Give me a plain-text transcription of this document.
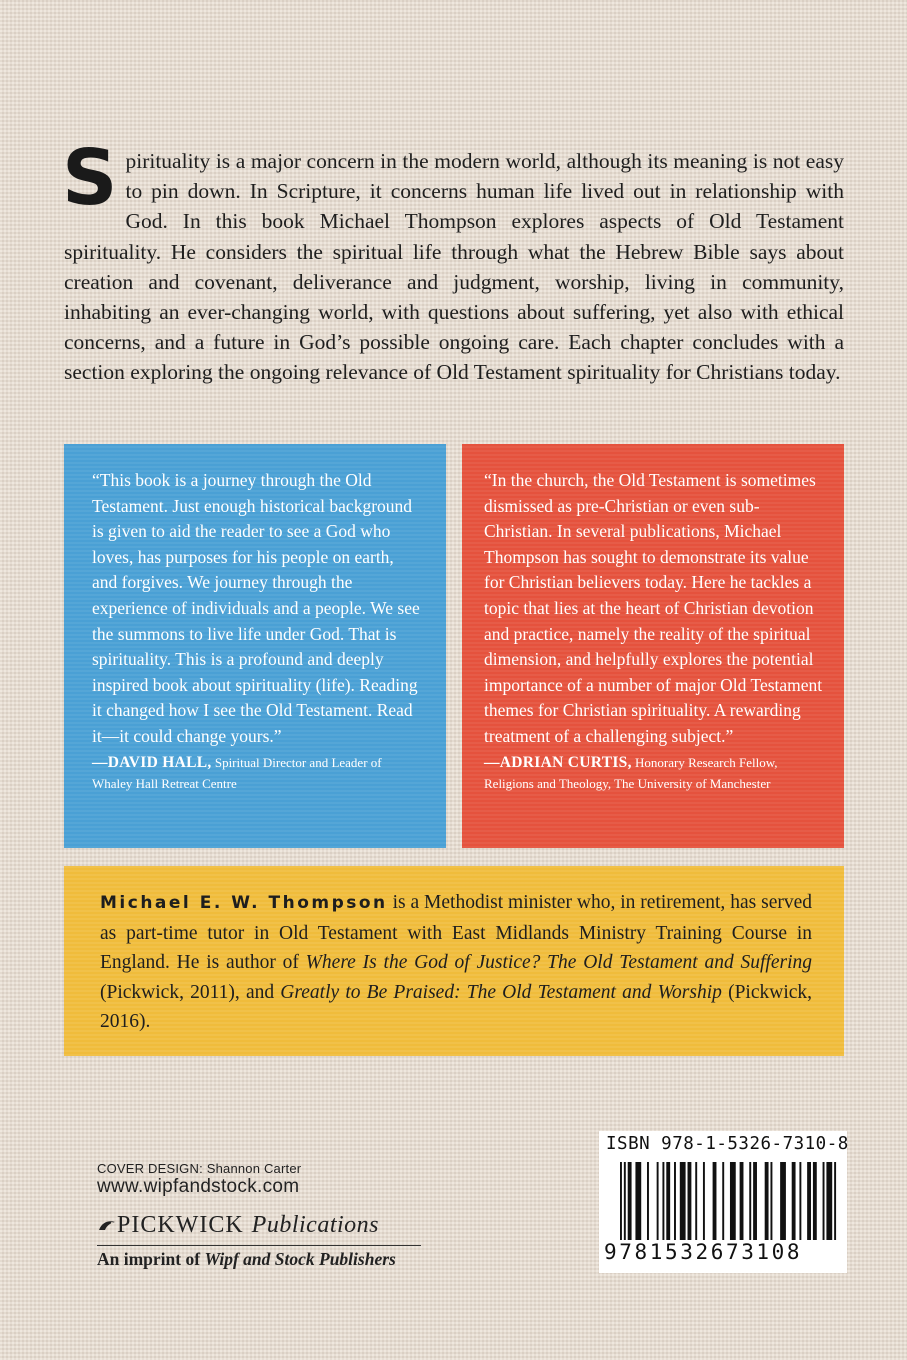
Spirituality is a major concern in the modern world, although its meaning is not easy to pin down. In Scripture, it concerns human life lived out in relationship with God. In this book Michael Thompson explores aspects of Old Testament spirituality. He considers the spiritual life through what the Hebrew Bible says about creation and covenant, deliverance and judgment, worship, living in community, inhabiting an ever-changing world, with questions about suffering, yet also with ethical concerns, and a future in God’s possible ongoing care. Each chapter concludes with a section exploring the ongoing relevance of Old Testament spirituality for Christians today.
“This book is a journey through the Old Testament. Just enough historical background is given to aid the reader to see a God who loves, has purposes for his people on earth, and forgives. We journey through the experience of individuals and a people. We see the summons to live life under God. That is spirituality. This is a profound and deeply inspired book about spirituality (life). Reading it changed how I see the Old Testament. Read it—it could change yours.”
—DAVID HALL, Spiritual Director and Leader of Whaley Hall Retreat Centre
“In the church, the Old Testament is sometimes dismissed as pre-Christian or even sub-Christian. In several publications, Michael Thompson has sought to demonstrate its value for Christian believers today. Here he tackles a topic that lies at the heart of Christian devotion and practice, namely the reality of the spiritual dimension, and helpfully explores the potential importance of a number of major Old Testament themes for Christian spirituality. A rewarding treatment of a challenging subject.”
—ADRIAN CURTIS, Honorary Research Fellow, Religions and Theology, The University of Manchester
Michael E. W. Thompson is a Methodist minister who, in retirement, has served as part-time tutor in Old Testament with East Midlands Ministry Training Course in England. He is author of Where Is the God of Justice? The Old Testament and Suffering (Pickwick, 2011), and Greatly to Be Praised: The Old Testament and Worship (Pickwick, 2016).
COVER DESIGN: Shannon Carter
www.wipfandstock.com
PICKWICK Publications
An imprint of Wipf and Stock Publishers
ISBN 978-1-5326-7310-8
9781532673108
